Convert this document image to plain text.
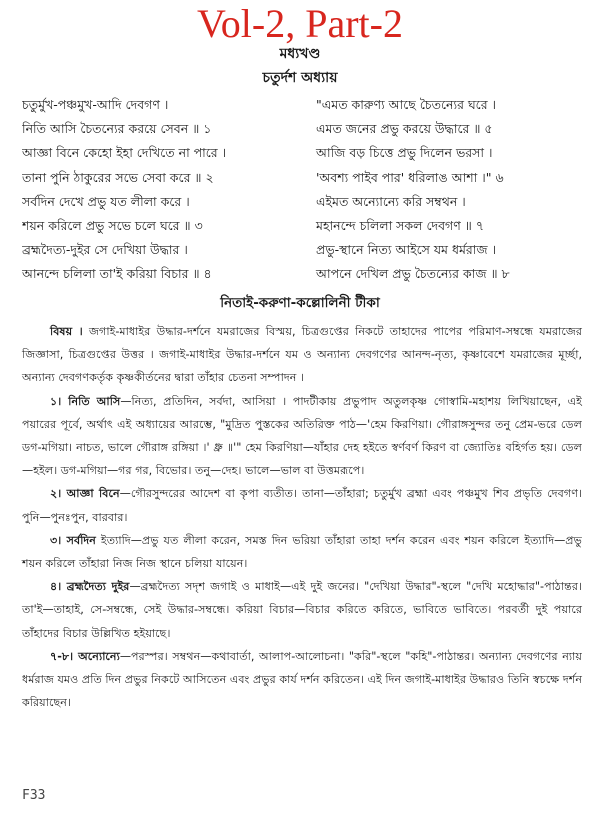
Vol-2, Part-2
মধ্যখণ্ড
চতুর্দশ অধ্যায়
চতুর্মুখ-পঞ্চমুখ-আদি দেবগণ ।	"এমত কারুণ্য আছে চৈতন্যের ঘরে ।
নিতি আসি চৈতন্যের করয়ে সেবন ॥ ১	এমত জনের প্রভু করয়ে উদ্ধারে ॥ ৫
আজ্ঞা বিনে কেহো ইহা দেখিতে না পারে ।	আজি বড় চিত্তে প্রভু দিলেন ভরসা ।
তানা পুনি ঠাকুরের সভে সেবা করে ॥ ২	'অবশ্য পাইব পার' ধরিলাঙ আশা ।" ৬
সর্বদিন দেখে প্রভু যত লীলা করে ।	এইমত অন্যোন্যে করি সম্বথন ।
শয়ন করিলে প্রভু সভে চলে ঘরে ॥ ৩	মহানন্দে চলিলা সকল দেবগণ ॥ ৭
ব্রহ্মদৈত্য-দুইর সে দেখিয়া উদ্ধার ।	প্রভু-স্থানে নিত্য আইসে যম ধর্মরাজ ।
আনন্দে চলিলা তা'ই করিয়া বিচার ॥ ৪	আপনে দেখিল প্রভু চৈতন্যের কাজ ॥ ৮
নিতাই-করুণা-কল্লোলিনী টীকা

বিষয় । জগাই-মাধাইর উদ্ধার-দর্শনে যমরাজের বিস্ময়, চিত্রগুপ্তের নিকটে তাহাদের পাপের পরিমাণ-সম্বন্ধে যমরাজের জিজ্ঞাসা, চিত্রগুপ্তের উত্তর । জগাই-মাধাইর উদ্ধার-দর্শনে যম ও অন্যান্য দেবগণের আনন্দ-নৃত্য, কৃষ্ণাবেশে যমরাজের মূর্চ্ছা, অন্যান্য দেবগণকর্তৃক কৃষ্ণকীর্তনের দ্বারা তাঁহার চেতনা সম্পাদন ।

১। নিতি আসি—নিত্য, প্রতিদিন, সর্বদা, আসিয়া । পাদটীকায় প্রভুপাদ অতুলকৃষ্ণ গোস্বামি-মহাশয় লিখিয়াছেন, এই পয়ারের পূর্বে, অর্থাৎ এই অধ্যায়ের আরম্ভে, "মুদ্রিত পুস্তকের অতিরিক্ত পাঠ—'হেম কিরণিয়া। গৌরাঙ্গসুন্দর তনু প্রেম-ভরে ডেল ডগ-মগিয়া। নাচত, ভালে গৌরাঙ্গ রঙ্গিয়া ।' ধ্রু ॥'" হেম কিরণিয়া—যাঁহার দেহ হইতে স্বর্ণবর্ণ কিরণ বা জ্যোতিঃ বহির্গত হয়। ডেল—হইল। ডগ-মগিয়া—গর গর, বিভোর। তনু—দেহ। ভালে—ভাল বা উত্তমরূপে।

২। আজ্ঞা বিনে—গৌরসুন্দরের আদেশ বা কৃপা ব্যতীত। তানা—তাঁহারা; চতুর্মুখ ব্রহ্মা এবং পঞ্চমুখ শিব প্রভৃতি দেবগণ। পুনি—পুনঃপুন, বারবার।

৩। সর্বদিন ইত্যাদি—প্রভু যত লীলা করেন, সমস্ত দিন ভরিয়া তাঁহারা তাহা দর্শন করেন এবং শয়ন করিলে ইত্যাদি—প্রভু শয়ন করিলে তাঁহারা নিজ নিজ স্থানে চলিয়া যায়েন।

৪। ব্রহ্মদৈত্য দুইর—ব্রহ্মদৈত্য সদৃশ জগাই ও মাধাই—এই দুই জনের। "দেখিয়া উদ্ধার"-স্থলে "দেখি মহোদ্ধার"-পাঠান্তর। তা'ই—তাহাই, সে-সম্বন্ধে, সেই উদ্ধার-সম্বন্ধে। করিয়া বিচার—বিচার করিতে করিতে, ভাবিতে ভাবিতে। পরবর্তী দুই পয়ারে তাঁহাদের বিচার উল্লিখিত হইয়াছে।

৭-৮। অন্যোন্যে—পরস্পর। সম্বথন—কথাবার্তা, আলাপ-আলোচনা। "করি"-স্থলে "কহি"-পাঠান্তর। অন্যান্য দেবগণের ন্যায় ধর্মরাজ যমও প্রতি দিন প্রভুর নিকটে আসিতেন এবং প্রভুর কার্য দর্শন করিতেন। এই দিন জগাই-মাধাইর উদ্ধারও তিনি স্বচক্ষে দর্শন করিয়াছেন।

F33
